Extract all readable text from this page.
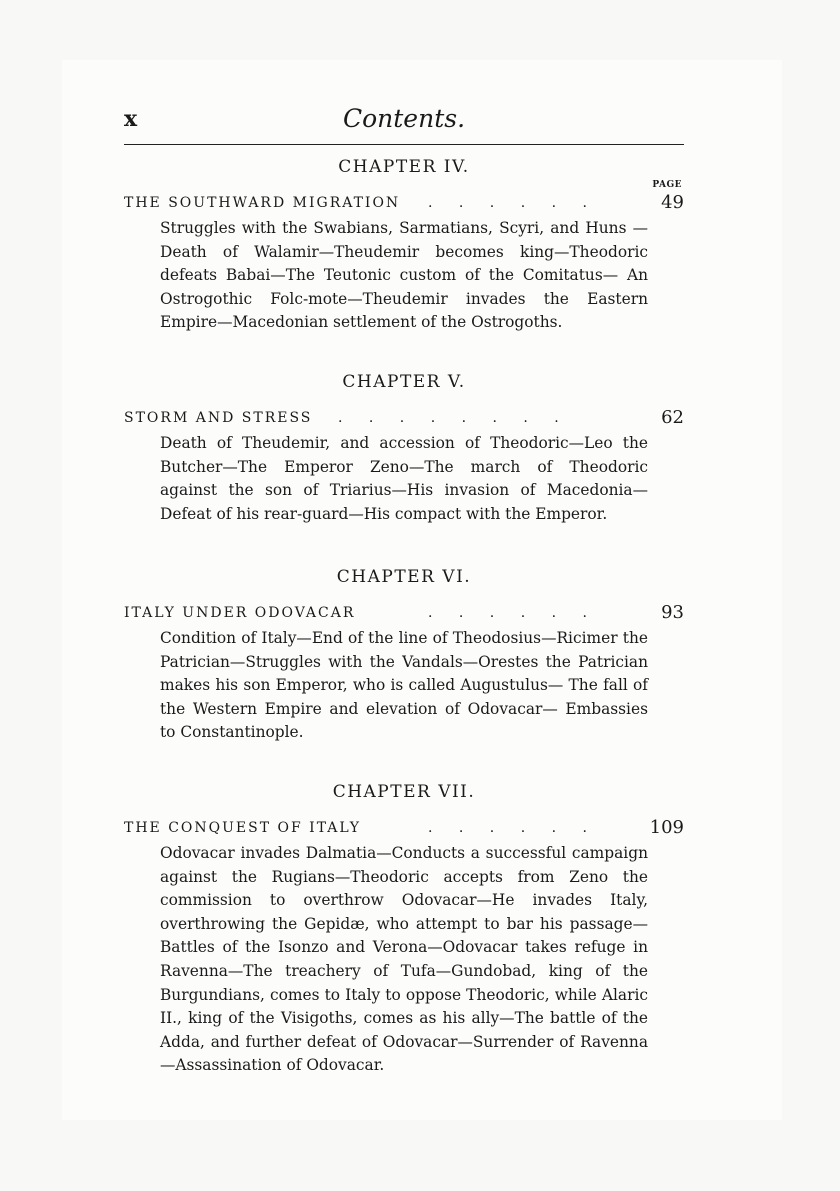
x	Contents.
CHAPTER IV.
PAGE
THE SOUTHWARD MIGRATION . . . . . .	49
Struggles with the Swabians, Sarmatians, Scyri, and Huns —Death of Walamir—Theudemir becomes king—Theodoric defeats Babai—The Teutonic custom of the Comitatus— An Ostrogothic Folc-mote—Theudemir invades the Eastern Empire—Macedonian settlement of the Ostrogoths.
CHAPTER V.
STORM AND STRESS . . . . . . . .	62
Death of Theudemir, and accession of Theodoric—Leo the Butcher—The Emperor Zeno—The march of Theodoric against the son of Triarius—His invasion of Macedonia— Defeat of his rear-guard—His compact with the Emperor.
CHAPTER VI.
ITALY UNDER ODOVACAR	. . . . . .	93
Condition of Italy—End of the line of Theodosius—Ricimer the Patrician—Struggles with the Vandals—Orestes the Patrician makes his son Emperor, who is called Augustulus— The fall of the Western Empire and elevation of Odovacar— Embassies to Constantinople.
CHAPTER VII.
THE CONQUEST OF ITALY	. . . . . .	109
Odovacar invades Dalmatia—Conducts a successful campaign against the Rugians—Theodoric accepts from Zeno the commission to overthrow Odovacar—He invades Italy, overthrowing the Gepidæ, who attempt to bar his passage— Battles of the Isonzo and Verona—Odovacar takes refuge in Ravenna—The treachery of Tufa—Gundobad, king of the Burgundians, comes to Italy to oppose Theodoric, while Alaric II., king of the Visigoths, comes as his ally—The battle of the Adda, and further defeat of Odovacar—Surrender of Ravenna—Assassination of Odovacar.
